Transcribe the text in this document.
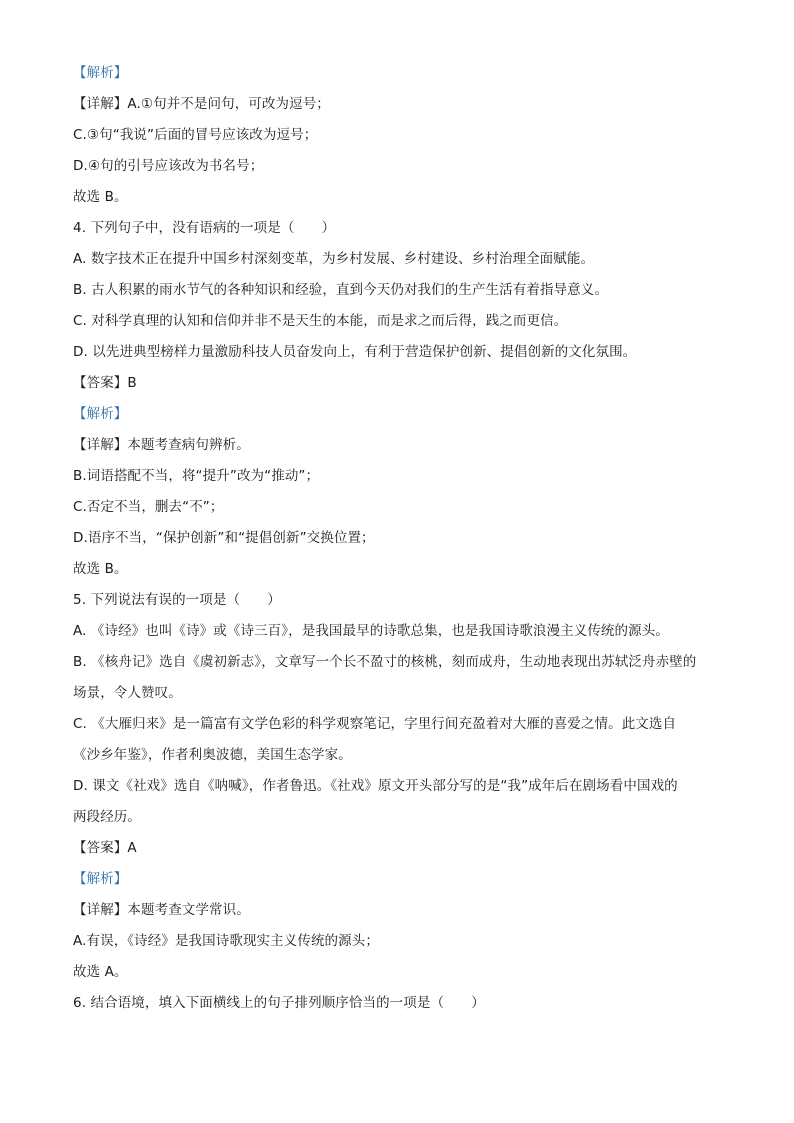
【解析】
【详解】A.①句并不是问句，可改为逗号；
C.③句“我说”后面的冒号应该改为逗号；
D.④句的引号应该改为书名号；
故选 B。
4. 下列句子中，没有语病的一项是（　　）
A. 数字技术正在提升中国乡村深刻变革，为乡村发展、乡村建设、乡村治理全面赋能。
B. 古人积累的雨水节气的各种知识和经验，直到今天仍对我们的生产生活有着指导意义。
C. 对科学真理的认知和信仰并非不是天生的本能，而是求之而后得，践之而更信。
D. 以先进典型榜样力量激励科技人员奋发向上，有利于营造保护创新、提倡创新的文化氛围。
【答案】B
【解析】
【详解】本题考查病句辨析。
B.词语搭配不当，将“提升”改为“推动”；
C.否定不当，删去“不”；
D.语序不当，“保护创新”和“提倡创新”交换位置；
故选 B。
5. 下列说法有误的一项是（　　）
A. 《诗经》也叫《诗》或《诗三百》，是我国最早的诗歌总集，也是我国诗歌浪漫主义传统的源头。
B. 《核舟记》选自《虞初新志》，文章写一个长不盈寸的核桃，刻而成舟，生动地表现出苏轼泛舟赤壁的
场景，令人赞叹。
C. 《大雁归来》是一篇富有文学色彩的科学观察笔记，字里行间充盈着对大雁的喜爱之情。此文选自
《沙乡年鉴》，作者利奥波德，美国生态学家。
D. 课文《社戏》选自《呐喊》，作者鲁迅。《社戏》原文开头部分写的是“我”成年后在剧场看中国戏的
两段经历。
【答案】A
【解析】
【详解】本题考查文学常识。
A.有误，《诗经》是我国诗歌现实主义传统的源头；
故选 A。
6. 结合语境，填入下面横线上的句子排列顺序恰当的一项是（　　）
